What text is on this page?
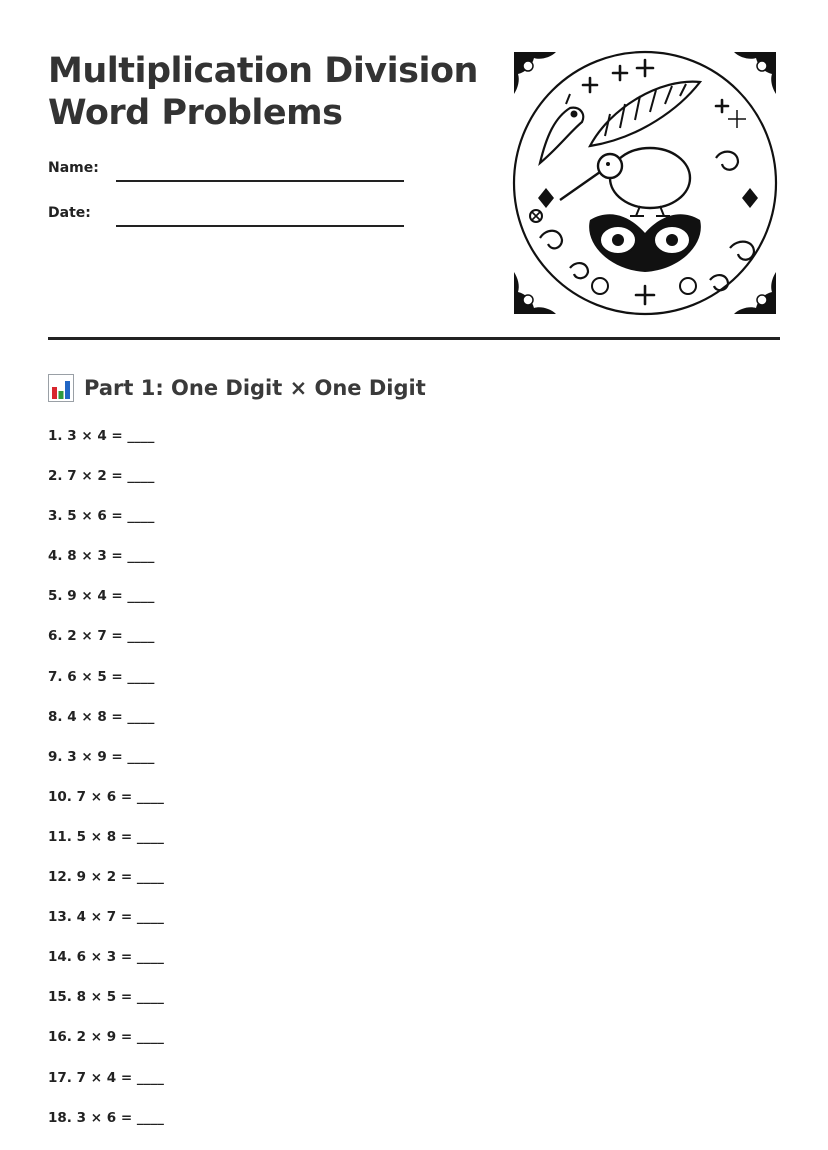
Multiplication Division
Word Problems
Name:
Date:
Part 1: One Digit × One Digit
1. 3 × 4 = ____
2. 7 × 2 = ____
3. 5 × 6 = ____
4. 8 × 3 = ____
5. 9 × 4 = ____
6. 2 × 7 = ____
7. 6 × 5 = ____
8. 4 × 8 = ____
9. 3 × 9 = ____
10. 7 × 6 = ____
11. 5 × 8 = ____
12. 9 × 2 = ____
13. 4 × 7 = ____
14. 6 × 3 = ____
15. 8 × 5 = ____
16. 2 × 9 = ____
17. 7 × 4 = ____
18. 3 × 6 = ____
